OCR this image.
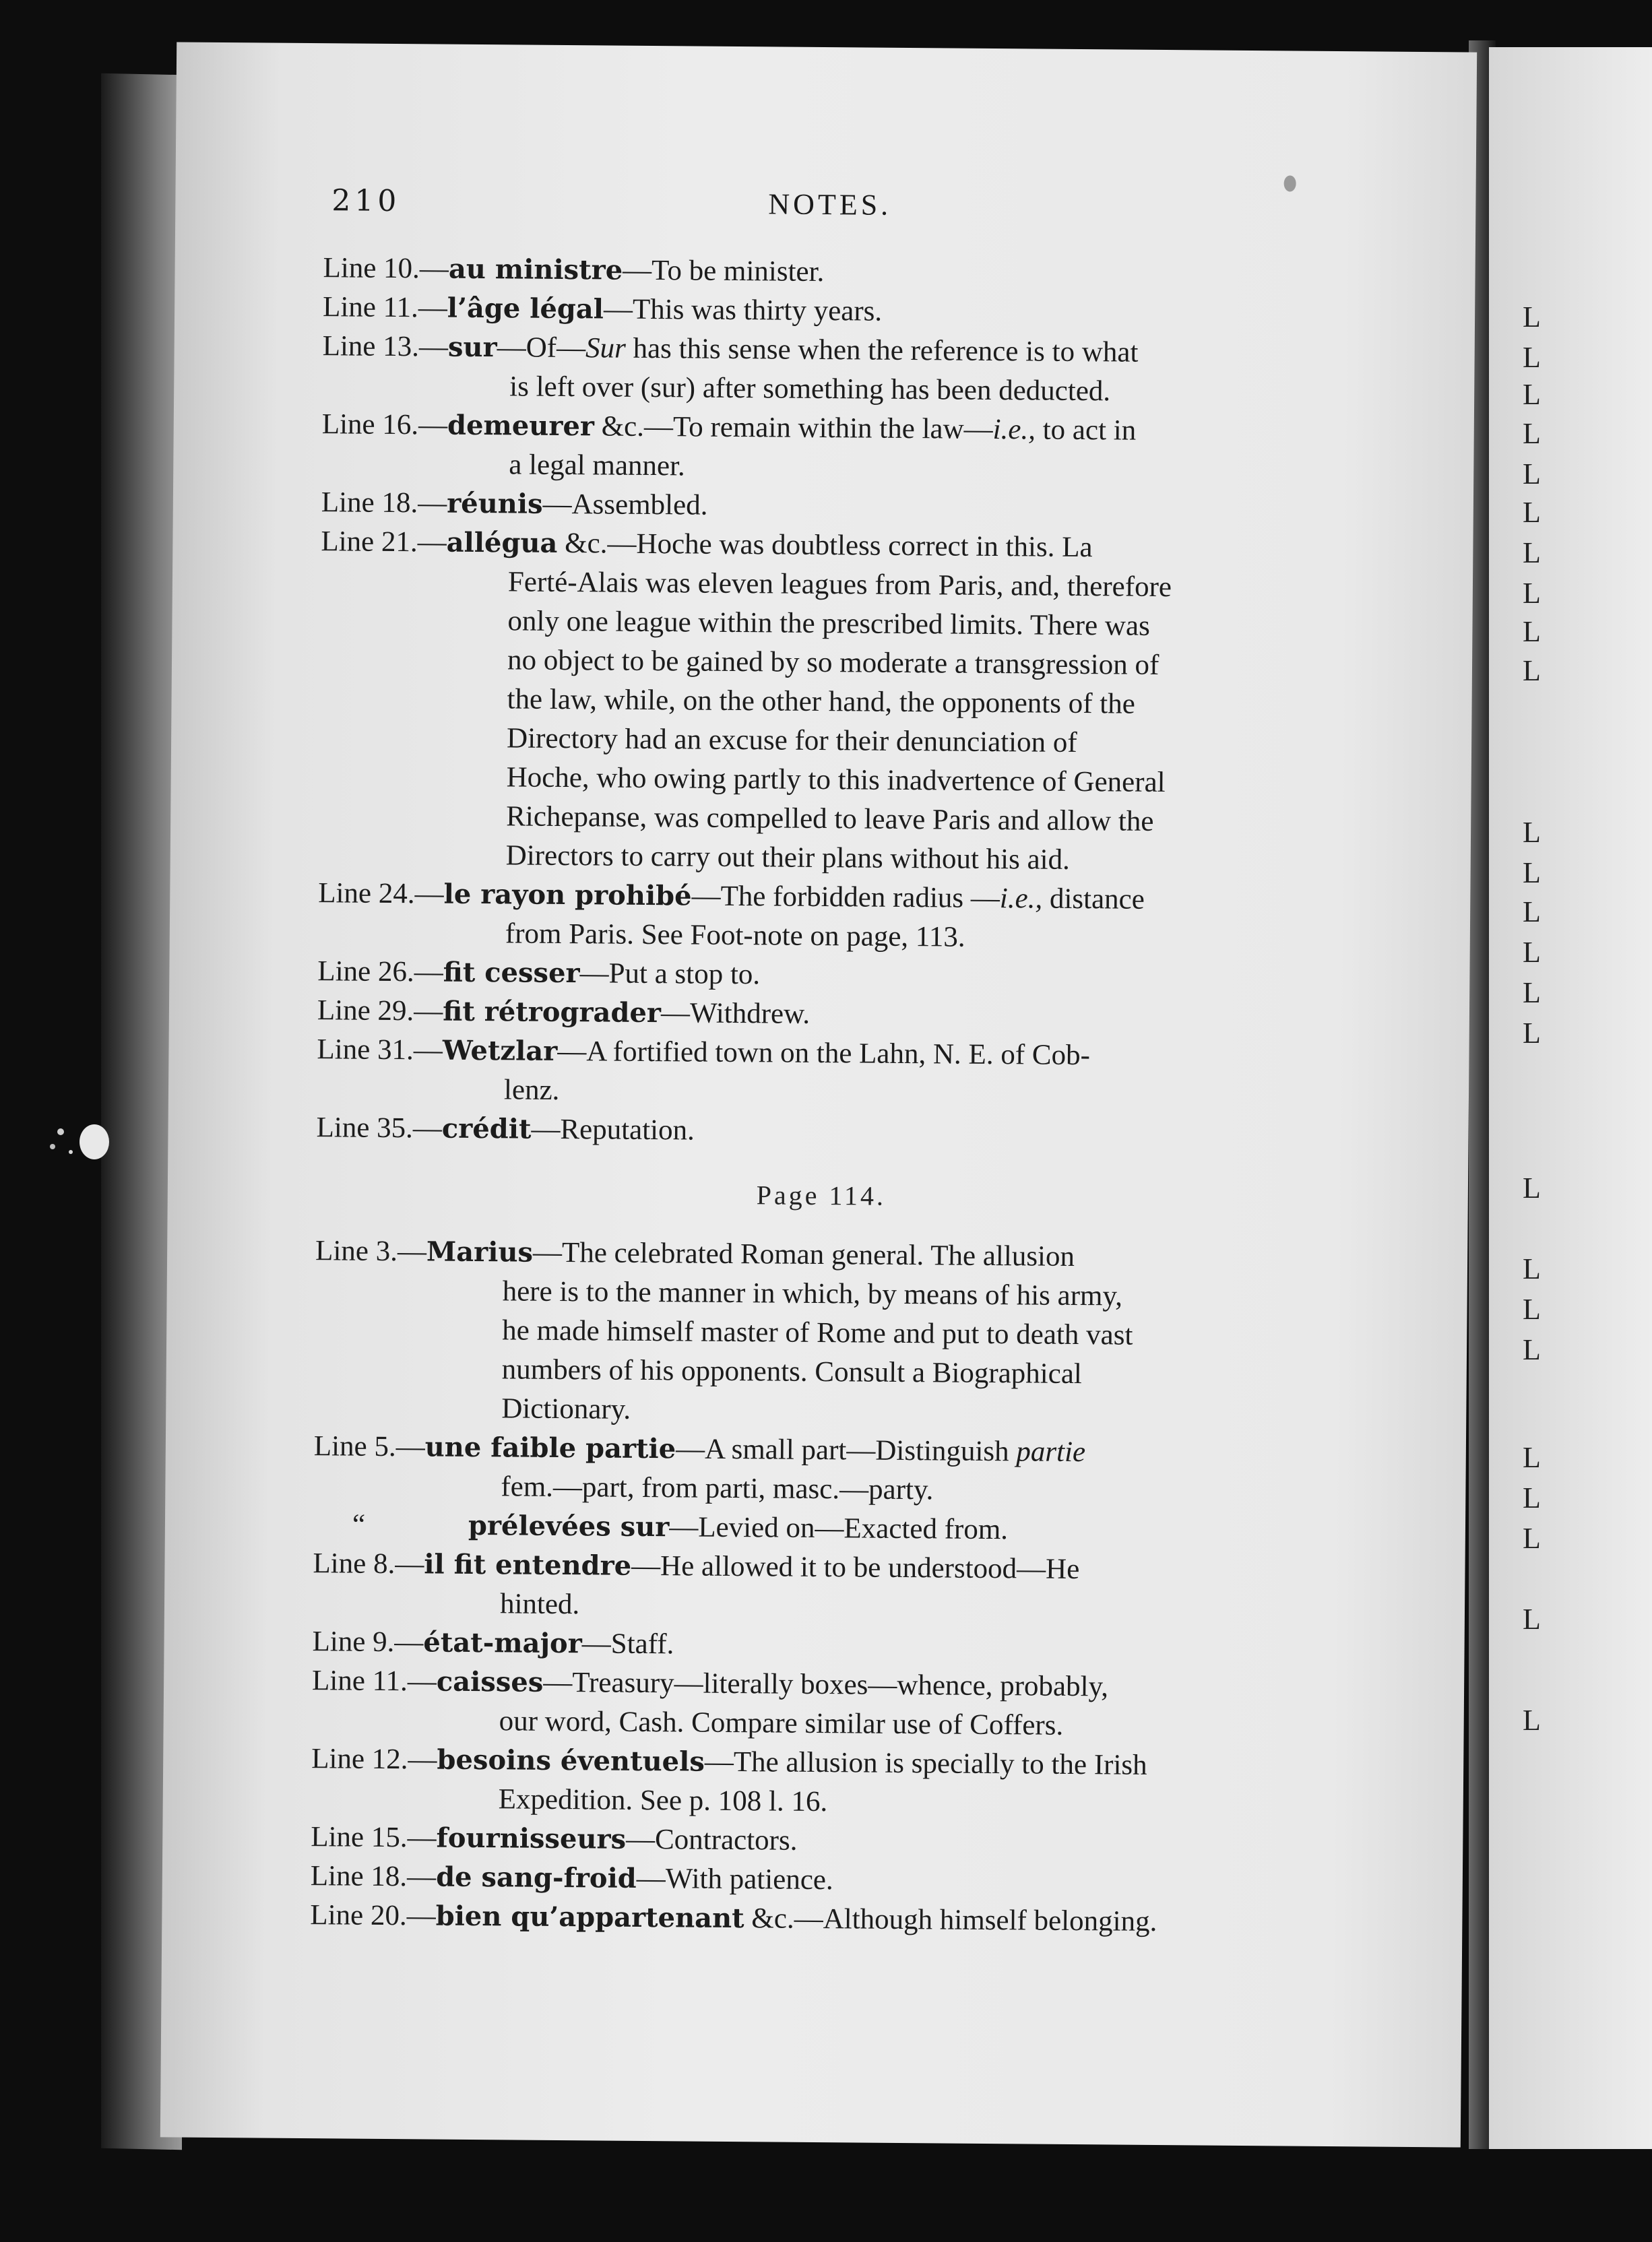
L
L
L
L
L
L
L
L
L
L
L
L
L
L
L
L
L
L
L
L
L
L
L
L
L
210	NOTES.
Line 10.—au ministre—To be minister.
Line 11.—l’âge légal—This was thirty years.
Line 13.—sur—Of—Sur has this sense when the reference is to what
is left over (sur) after something has been deducted.
Line 16.—demeurer &c.—To remain within the law—i.e., to act in
a legal manner.
Line 18.—réunis—Assembled.
Line 21.—allégua &c.—Hoche was doubtless correct in this. La
Ferté-Alais was eleven leagues from Paris, and, therefore
only one league within the prescribed limits. There was
no object to be gained by so moderate a transgression of
the law, while, on the other hand, the opponents of the
Directory had an excuse for their denunciation of
Hoche, who owing partly to this inadvertence of General
Richepanse, was compelled to leave Paris and allow the
Directors to carry out their plans without his aid.
Line 24.—le rayon prohibé—The forbidden radius —i.e., distance
from Paris. See Foot-note on page, 113.
Line 26.—fit cesser—Put a stop to.
Line 29.—fit rétrograder—Withdrew.
Line 31.—Wetzlar—A fortified town on the Lahn, N. E. of Cob-
lenz.
Line 35.—crédit—Reputation.
Page 114.
Line 3.—Marius—The celebrated Roman general. The allusion
here is to the manner in which, by means of his army,
he made himself master of Rome and put to death vast
numbers of his opponents. Consult a Biographical
Dictionary.
Line 5.—une faible partie—A small part—Distinguish partie
fem.—part, from parti, masc.—party.
“	prélevées sur—Levied on—Exacted from.
Line 8.—il fit entendre—He allowed it to be understood—He
hinted.
Line 9.—état-major—Staff.
Line 11.—caisses—Treasury—literally boxes—whence, probably,
our word, Cash. Compare similar use of Coffers.
Line 12.—besoins éventuels—The allusion is specially to the Irish
Expedition. See p. 108 l. 16.
Line 15.—fournisseurs—Contractors.
Line 18.—de sang-froid—With patience.
Line 20.—bien qu’appartenant &c.—Although himself belonging.
